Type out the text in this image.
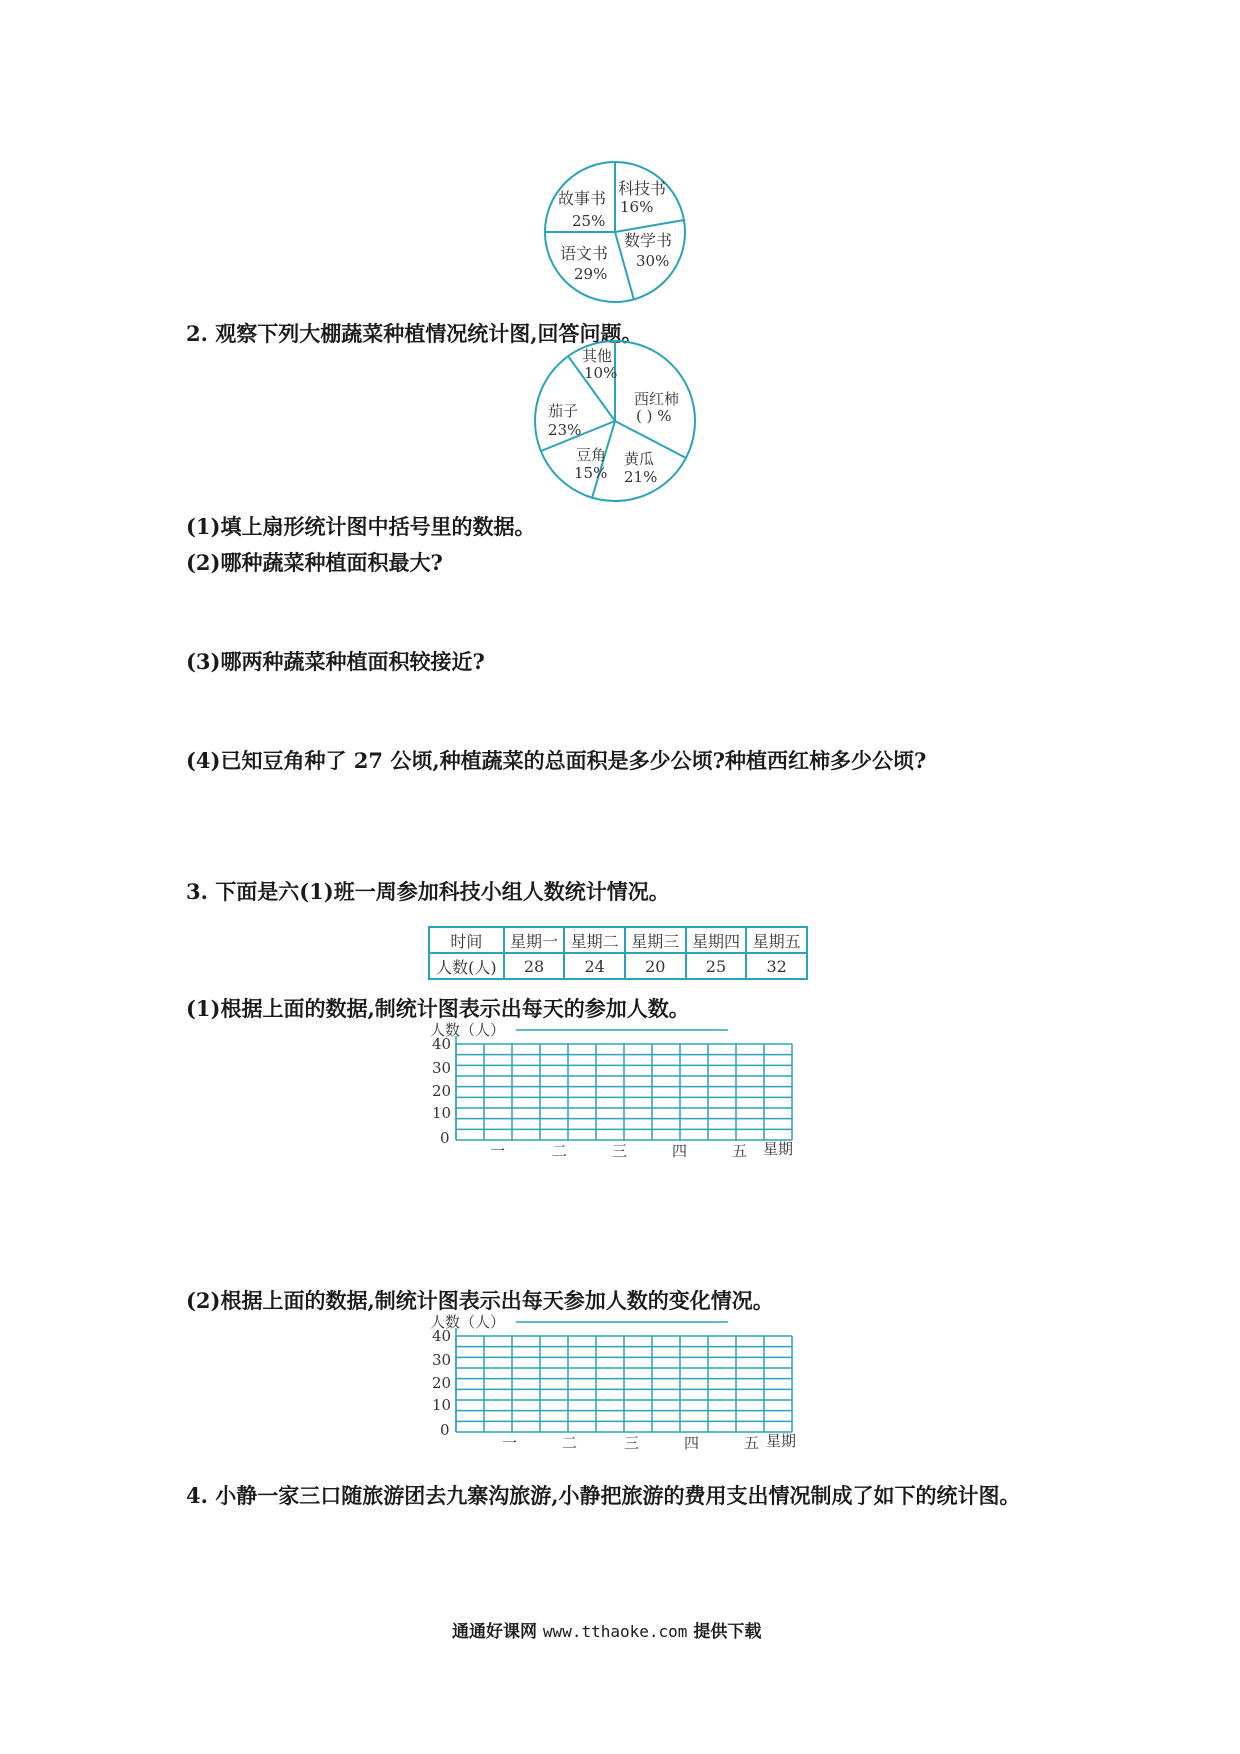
故事书
25%
科技书
16%
数学书
30%
语文书
29%
2. 观察下列大棚蔬菜种植情况统计图,回答问题。
其他
10%
西红柿
( ) %
黄瓜
21%
豆角
15%
茄子
23%
(1)填上扇形统计图中括号里的数据。
(2)哪种蔬菜种植面积最大?
(3)哪两种蔬菜种植面积较接近?
(4)已知豆角种了 27 公顷,种植蔬菜的总面积是多少公顷?种植西红柿多少公顷?
3. 下面是六(1)班一周参加科技小组人数统计情况。
时间	星期一	星期二	星期三	星期四	星期五
人数(人)	28	24	20	25	32
(1)根据上面的数据,制统计图表示出每天的参加人数。
人数（人）
40
30
20
10
0
一	二	三	四	五 星期
(2)根据上面的数据,制统计图表示出每天参加人数的变化情况。
人数（人）
40
30
20
10
0
一	二	三	四	五 星期
4. 小静一家三口随旅游团去九寨沟旅游,小静把旅游的费用支出情况制成了如下的统计图。
通通好课网 www.tthaoke.com 提供下载
